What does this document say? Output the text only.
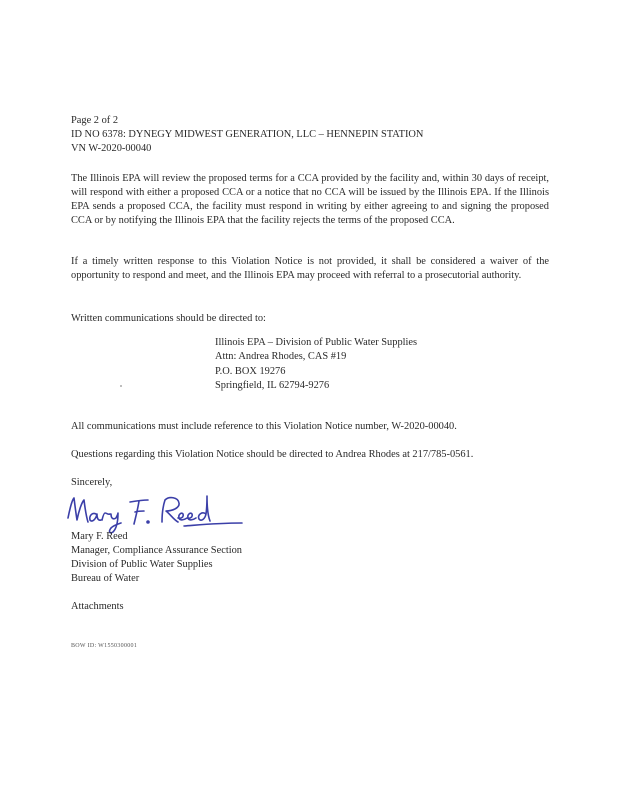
Page 2 of 2
ID NO 6378: DYNEGY MIDWEST GENERATION, LLC – HENNEPIN STATION
VN W-2020-00040
The Illinois EPA will review the proposed terms for a CCA provided by the facility and, within 30 days of receipt, will respond with either a proposed CCA or a notice that no CCA will be issued by the Illinois EPA. If the Illinois EPA sends a proposed CCA, the facility must respond in writing by either agreeing to and signing the proposed CCA or by notifying the Illinois EPA that the facility rejects the terms of the proposed CCA.
If a timely written response to this Violation Notice is not provided, it shall be considered a waiver of the opportunity to respond and meet, and the Illinois EPA may proceed with referral to a prosecutorial authority.
Written communications should be directed to:
Illinois EPA – Division of Public Water Supplies
Attn: Andrea Rhodes, CAS #19
P.O. BOX 19276
Springfield, IL 62794-9276
All communications must include reference to this Violation Notice number, W-2020-00040.
Questions regarding this Violation Notice should be directed to Andrea Rhodes at 217/785-0561.
Sincerely,
Mary F. Reed
Manager, Compliance Assurance Section
Division of Public Water Supplies
Bureau of Water
Attachments
BOW ID: W1550300001
